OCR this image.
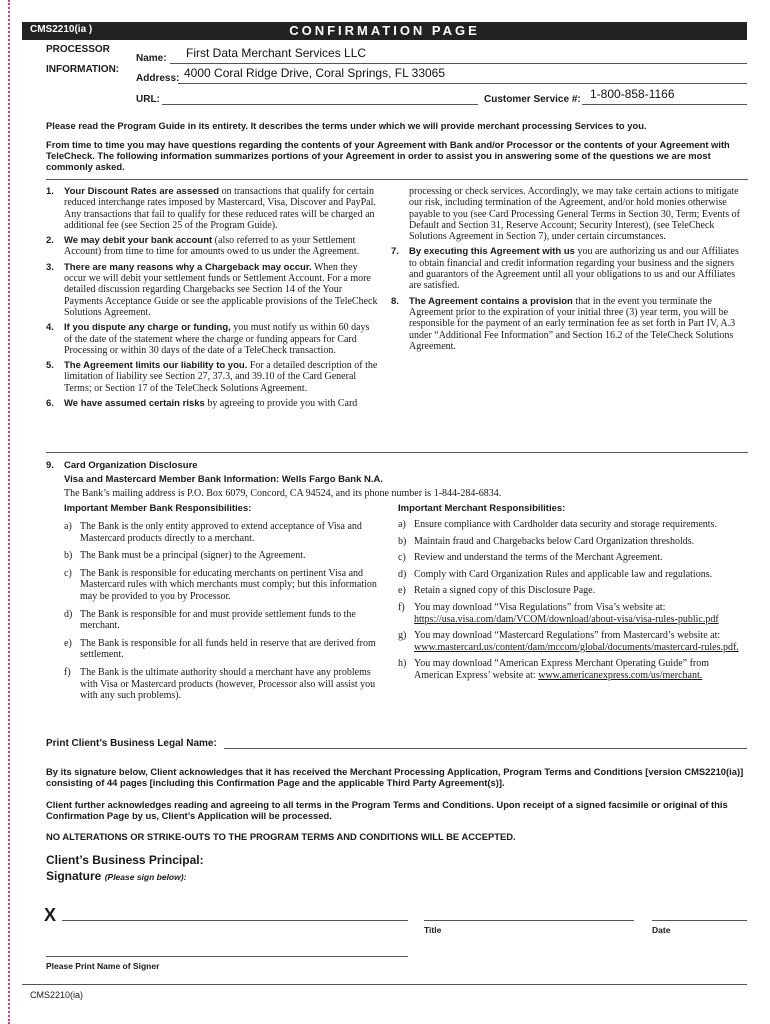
CMS2210(ia )	CONFIRMATION PAGE
PROCESSOR
INFORMATION:
Name: First Data Merchant Services LLC
Address: 4000 Coral Ridge Drive, Coral Springs, FL 33065
URL:	Customer Service #: 1-800-858-1166
Please read the Program Guide in its entirety. It describes the terms under which we will provide merchant processing Services to you.
From time to time you may have questions regarding the contents of your Agreement with Bank and/or Processor or the contents of your Agreement with TeleCheck. The following information summarizes portions of your Agreement in order to assist you in answering some of the questions we are most commonly asked.
1. Your Discount Rates are assessed on transactions that qualify for certain reduced interchange rates imposed by Mastercard, Visa, Discover and PayPal. Any transactions that fail to qualify for these reduced rates will be charged an additional fee (see Section 25 of the Program Guide).
2. We may debit your bank account (also referred to as your Settlement Account) from time to time for amounts owed to us under the Agreement.
3. There are many reasons why a Chargeback may occur. When they occur we will debit your settlement funds or Settlement Account. For a more detailed discussion regarding Chargebacks see Section 14 of the Your Payments Acceptance Guide or see the applicable provisions of the TeleCheck Solutions Agreement.
4. If you dispute any charge or funding, you must notify us within 60 days of the date of the statement where the charge or funding appears for Card Processing or within 30 days of the date of a TeleCheck transaction.
5. The Agreement limits our liability to you. For a detailed description of the limitation of liability see Section 27, 37.3, and 39.10 of the Card General Terms; or Section 17 of the TeleCheck Solutions Agreement.
6. We have assumed certain risks by agreeing to provide you with Card
processing or check services. Accordingly, we may take certain actions to mitigate our risk, including termination of the Agreement, and/or hold monies otherwise payable to you (see Card Processing General Terms in Section 30, Term; Events of Default and Section 31, Reserve Account; Security Interest), (see TeleCheck Solutions Agreement in Section 7), under certain circumstances.
7. By executing this Agreement with us you are authorizing us and our Affiliates to obtain financial and credit information regarding your business and the signers and guarantors of the Agreement until all your obligations to us and our Affiliates are satisfied.
8. The Agreement contains a provision that in the event you terminate the Agreement prior to the expiration of your initial three (3) year term, you will be responsible for the payment of an early termination fee as set forth in Part IV, A.3 under “Additional Fee Information” and Section 16.2 of the TeleCheck Solutions Agreement.
9. Card Organization Disclosure
Visa and Mastercard Member Bank Information: Wells Fargo Bank N.A.
The Bank’s mailing address is P.O. Box 6079, Concord, CA 94524, and its phone number is 1-844-284-6834.
Important Member Bank Responsibilities:	Important Merchant Responsibilities:
a) The Bank is the only entity approved to extend acceptance of Visa and Mastercard products directly to a merchant.
b) The Bank must be a principal (signer) to the Agreement.
c) The Bank is responsible for educating merchants on pertinent Visa and Mastercard rules with which merchants must comply; but this information may be provided to you by Processor.
d) The Bank is responsible for and must provide settlement funds to the merchant.
e) The Bank is responsible for all funds held in reserve that are derived from settlement.
f) The Bank is the ultimate authority should a merchant have any problems with Visa or Mastercard products (however, Processor also will assist you with any such problems).
a) Ensure compliance with Cardholder data security and storage requirements.
b) Maintain fraud and Chargebacks below Card Organization thresholds.
c) Review and understand the terms of the Merchant Agreement.
d) Comply with Card Organization Rules and applicable law and regulations.
e) Retain a signed copy of this Disclosure Page.
f) You may download “Visa Regulations” from Visa’s website at: https://usa.visa.com/dam/VCOM/download/about-visa/visa-rules-public.pdf
g) You may download “Mastercard Regulations” from Mastercard’s website at: www.mastercard.us/content/dam/mccom/global/documents/mastercard-rules.pdf.
h) You may download “American Express Merchant Operating Guide” from American Express’ website at: www.americanexpress.com/us/merchant.
Print Client’s Business Legal Name:
By its signature below, Client acknowledges that it has received the Merchant Processing Application, Program Terms and Conditions [version CMS2210(ia)] consisting of 44 pages [including this Confirmation Page and the applicable Third Party Agreement(s)].
Client further acknowledges reading and agreeing to all terms in the Program Terms and Conditions. Upon receipt of a signed facsimile or original of this Confirmation Page by us, Client’s Application will be processed.
NO ALTERATIONS OR STRIKE-OUTS TO THE PROGRAM TERMS AND CONDITIONS WILL BE ACCEPTED.
Client’s Business Principal:
Signature (Please sign below):
X
Title	Date
Please Print Name of Signer
CMS2210(ia)
